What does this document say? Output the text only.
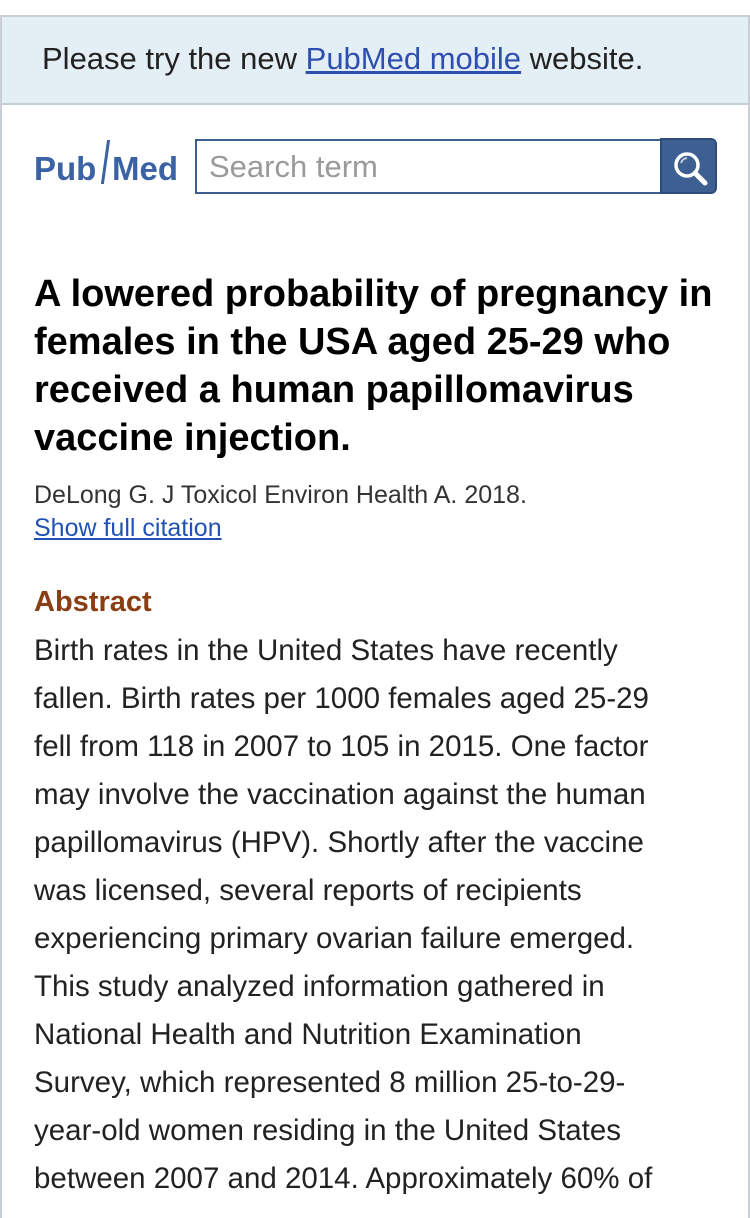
Please try the new PubMed mobile website.
Pub Med
Search term
A lowered probability of pregnancy in females in the USA aged 25-29 who received a human papillomavirus vaccine injection.
DeLong G. J Toxicol Environ Health A. 2018.
Show full citation
Abstract
Birth rates in the United States have recently
fallen. Birth rates per 1000 females aged 25-29
fell from 118 in 2007 to 105 in 2015. One factor
may involve the vaccination against the human
papillomavirus (HPV). Shortly after the vaccine
was licensed, several reports of recipients
experiencing primary ovarian failure emerged.
This study analyzed information gathered in
National Health and Nutrition Examination
Survey, which represented 8 million 25-to-29-
year-old women residing in the United States
between 2007 and 2014. Approximately 60% of
